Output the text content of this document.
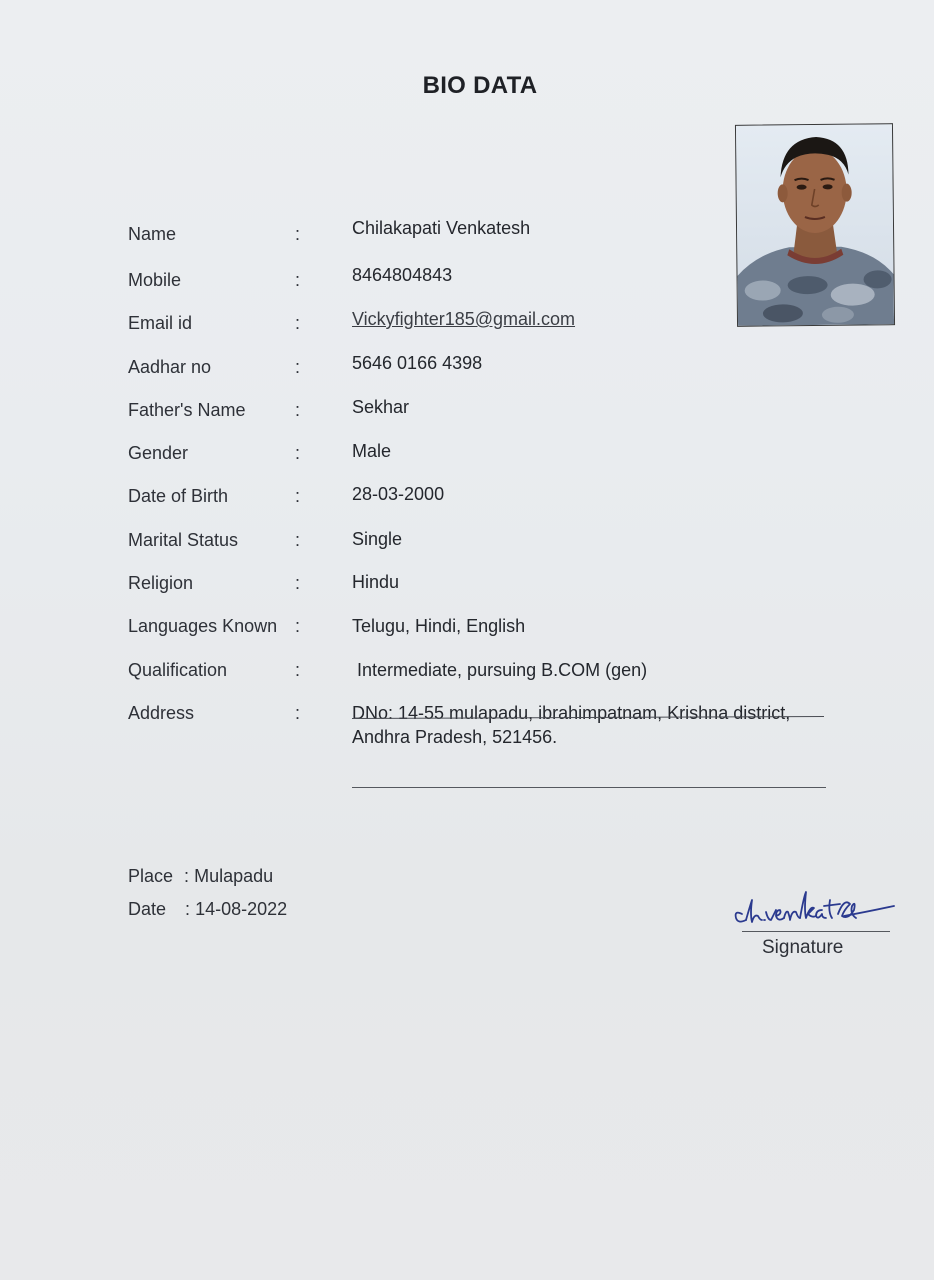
BIO DATA
Name	:	Chilakapati Venkatesh
Mobile	:	8464804843
Email id	:	Vickyfighter185@gmail.com
Aadhar no	:	5646 0166 4398
Father's Name	:	Sekhar
Gender	:	Male
Date of Birth	:	28-03-2000
Marital Status	:	Single
Religion	:	Hindu
Languages Known :	Telugu, Hindi, English
Qualification	:	Intermediate, pursuing B.COM (gen)
Address	:	DNo: 14-55 mulapadu, ibrahimpatnam, Krishna district,
Andhra Pradesh, 521456.
Place : Mulapadu
Date : 14-08-2022
Signature
